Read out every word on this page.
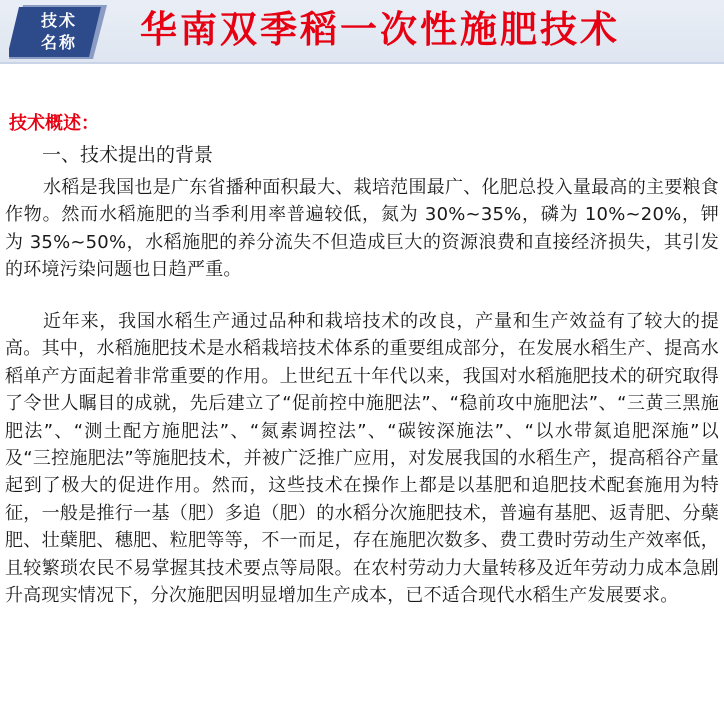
技术
名称	华南双季稻一次性施肥技术
技术概述：
一、技术提出的背景

水稻是我国也是广东省播种面积最大、栽培范围最广、化肥总投入量最高的主要粮食作物。然而水稻施肥的当季利用率普遍较低，氮为 30%~35%，磷为 10%~20%，钾为 35%~50%，水稻施肥的养分流失不但造成巨大的资源浪费和直接经济损失，其引发的环境污染问题也日趋严重。

近年来，我国水稻生产通过品种和栽培技术的改良，产量和生产效益有了较大的提高。其中，水稻施肥技术是水稻栽培技术体系的重要组成部分，在发展水稻生产、提高水稻单产方面起着非常重要的作用。上世纪五十年代以来，我国对水稻施肥技术的研究取得了令世人瞩目的成就，先后建立了“促前控中施肥法”、“稳前攻中施肥法”、“三黄三黑施肥法”、“测土配方施肥法”、“氮素调控法”、“碳铵深施法”、“以水带氮追肥深施”以及“三控施肥法”等施肥技术，并被广泛推广应用，对发展我国的水稻生产，提高稻谷产量起到了极大的促进作用。然而，这些技术在操作上都是以基肥和追肥技术配套施用为特征，一般是推行一基（肥）多追（肥）的水稻分次施肥技术，普遍有基肥、返青肥、分蘖肥、壮蘖肥、穗肥、粒肥等等，不一而足，存在施肥次数多、费工费时劳动生产效率低，且较繁琐农民不易掌握其技术要点等局限。在农村劳动力大量转移及近年劳动力成本急剧升高现实情况下，分次施肥因明显增加生产成本，已不适合现代水稻生产发展要求。
